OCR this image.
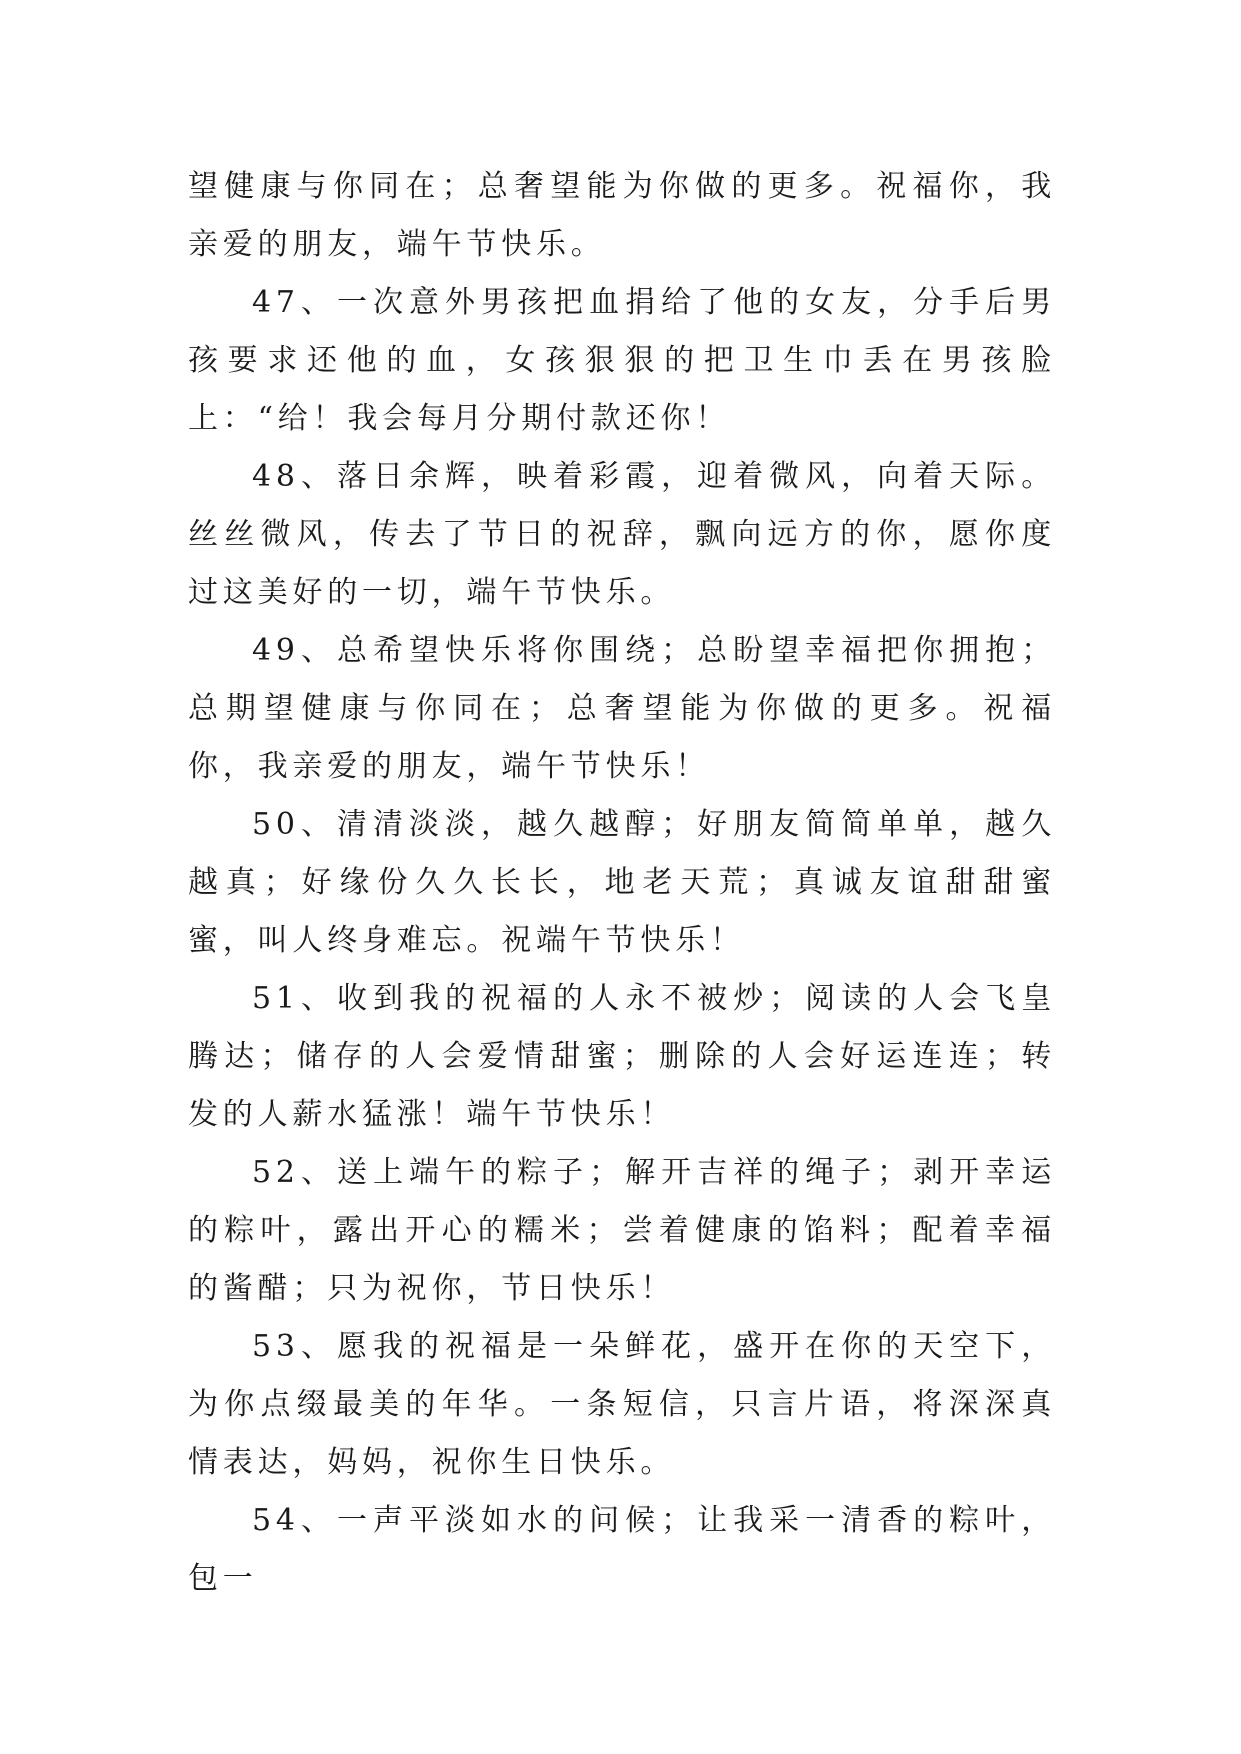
望健康与你同在；总奢望能为你做的更多。祝福你，我亲爱的朋友，端午节快乐。

47、一次意外男孩把血捐给了他的女友，分手后男孩要求还他的血，女孩狠狠的把卫生巾丢在男孩脸上：“给！我会每月分期付款还你！

48、落日余辉，映着彩霞，迎着微风，向着天际。丝丝微风，传去了节日的祝辞，飘向远方的你，愿你度过这美好的一切，端午节快乐。

49、总希望快乐将你围绕；总盼望幸福把你拥抱；总期望健康与你同在；总奢望能为你做的更多。祝福你，我亲爱的朋友，端午节快乐！

50、清清淡淡，越久越醇；好朋友简简单单，越久越真；好缘份久久长长，地老天荒；真诚友谊甜甜蜜蜜，叫人终身难忘。祝端午节快乐！

51、收到我的祝福的人永不被炒；阅读的人会飞皇腾达；储存的人会爱情甜蜜；删除的人会好运连连；转发的人薪水猛涨！端午节快乐！

52、送上端午的粽子；解开吉祥的绳子；剥开幸运的粽叶，露出开心的糯米；尝着健康的馅料；配着幸福的酱醋；只为祝你，节日快乐！

53、愿我的祝福是一朵鲜花，盛开在你的天空下，为你点缀最美的年华。一条短信，只言片语，将深深真情表达，妈妈，祝你生日快乐。

54、一声平淡如水的问候；让我采一清香的粽叶，包一
